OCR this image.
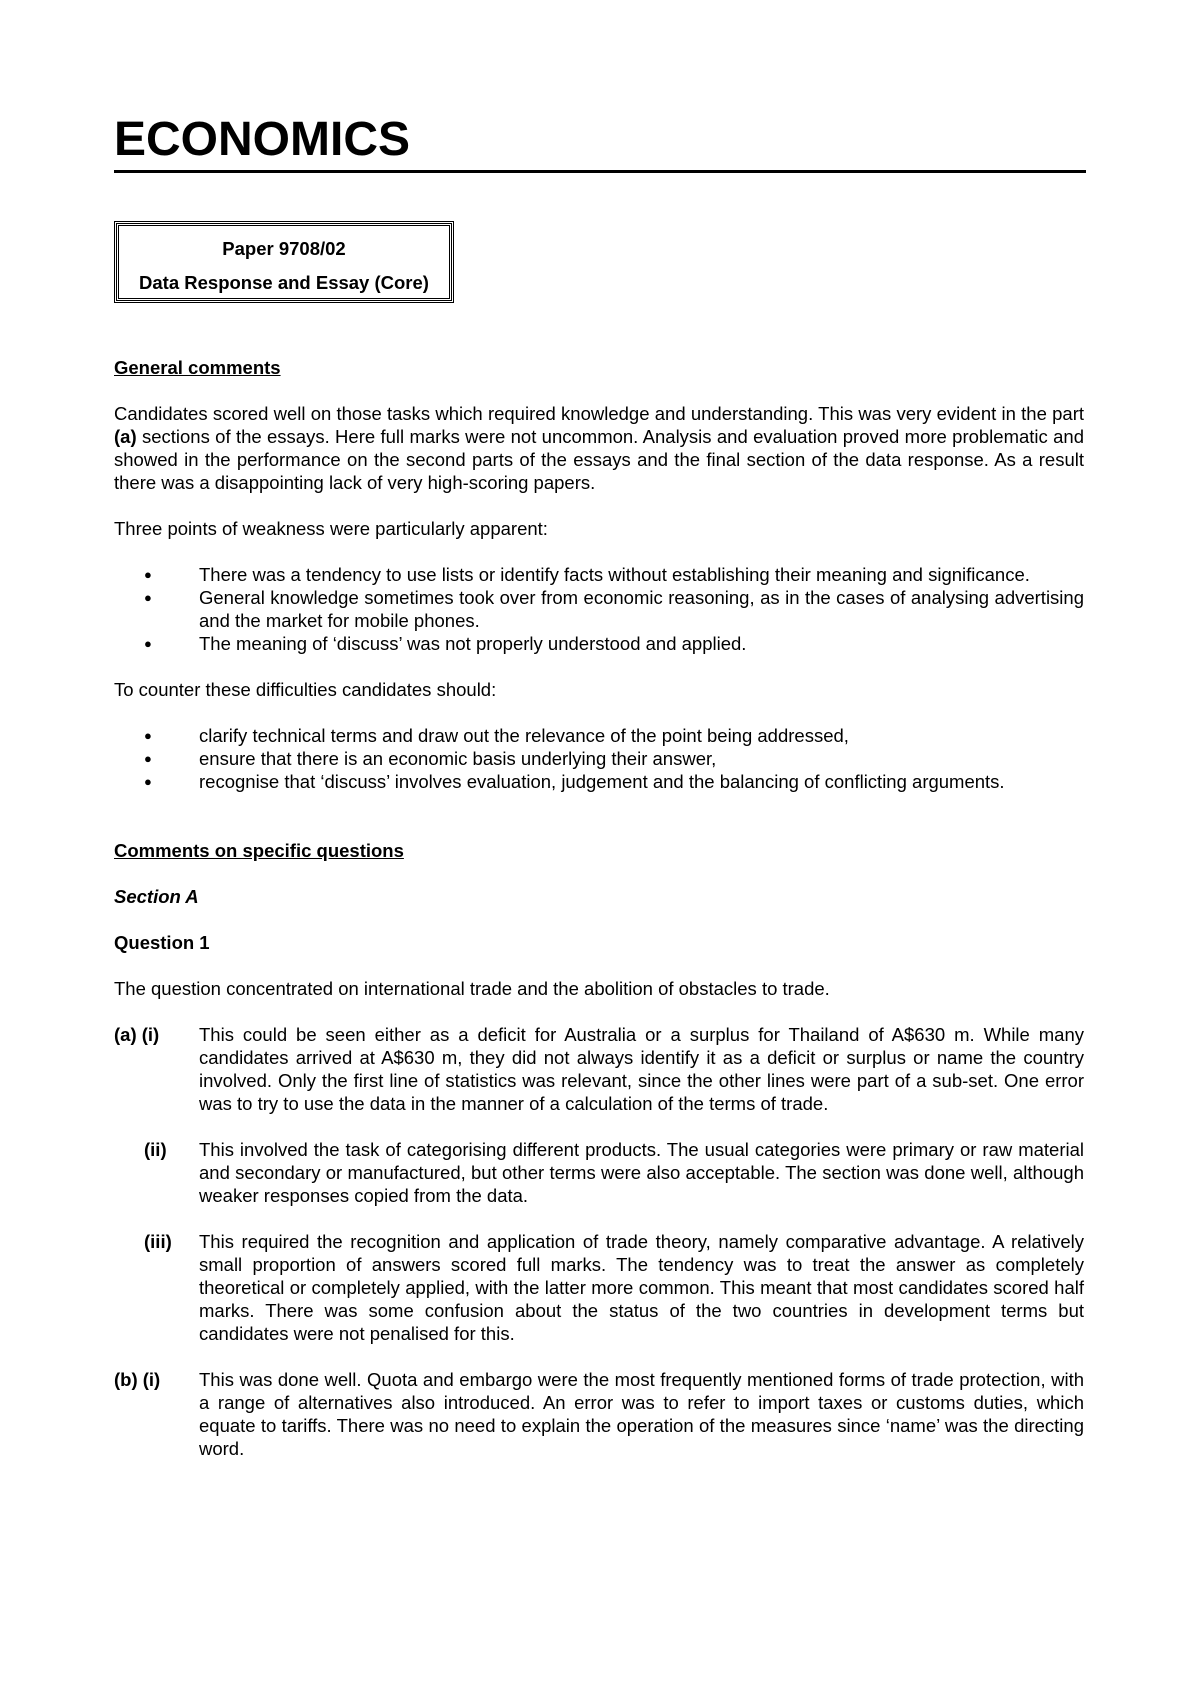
ECONOMICS
Paper 9708/02
Data Response and Essay (Core)
General comments

Candidates scored well on those tasks which required knowledge and understanding. This was very evident in the part (a) sections of the essays. Here full marks were not uncommon. Analysis and evaluation proved more problematic and showed in the performance on the second parts of the essays and the final section of the data response. As a result there was a disappointing lack of very high-scoring papers.

Three points of weakness were particularly apparent:

●	There was a tendency to use lists or identify facts without establishing their meaning and significance.
●	General knowledge sometimes took over from economic reasoning, as in the cases of analysing advertising and the market for mobile phones.
●	The meaning of ‘discuss’ was not properly understood and applied.

To counter these difficulties candidates should:

●	clarify technical terms and draw out the relevance of the point being addressed,
●	ensure that there is an economic basis underlying their answer,
●	recognise that ‘discuss’ involves evaluation, judgement and the balancing of conflicting arguments.
Comments on specific questions

Section A

Question 1

The question concentrated on international trade and the abolition of obstacles to trade.

(a) (i) This could be seen either as a deficit for Australia or a surplus for Thailand of A$630 m. While many candidates arrived at A$630 m, they did not always identify it as a deficit or surplus or name the country involved. Only the first line of statistics was relevant, since the other lines were part of a sub-set. One error was to try to use the data in the manner of a calculation of the terms of trade.
(ii) This involved the task of categorising different products. The usual categories were primary or raw material and secondary or manufactured, but other terms were also acceptable. The section was done well, although weaker responses copied from the data.
(iii) This required the recognition and application of trade theory, namely comparative advantage. A relatively small proportion of answers scored full marks. The tendency was to treat the answer as completely theoretical or completely applied, with the latter more common. This meant that most candidates scored half marks. There was some confusion about the status of the two countries in development terms but candidates were not penalised for this.
(b) (i) This was done well. Quota and embargo were the most frequently mentioned forms of trade protection, with a range of alternatives also introduced. An error was to refer to import taxes or customs duties, which equate to tariffs. There was no need to explain the operation of the measures since ‘name’ was the directing word.
